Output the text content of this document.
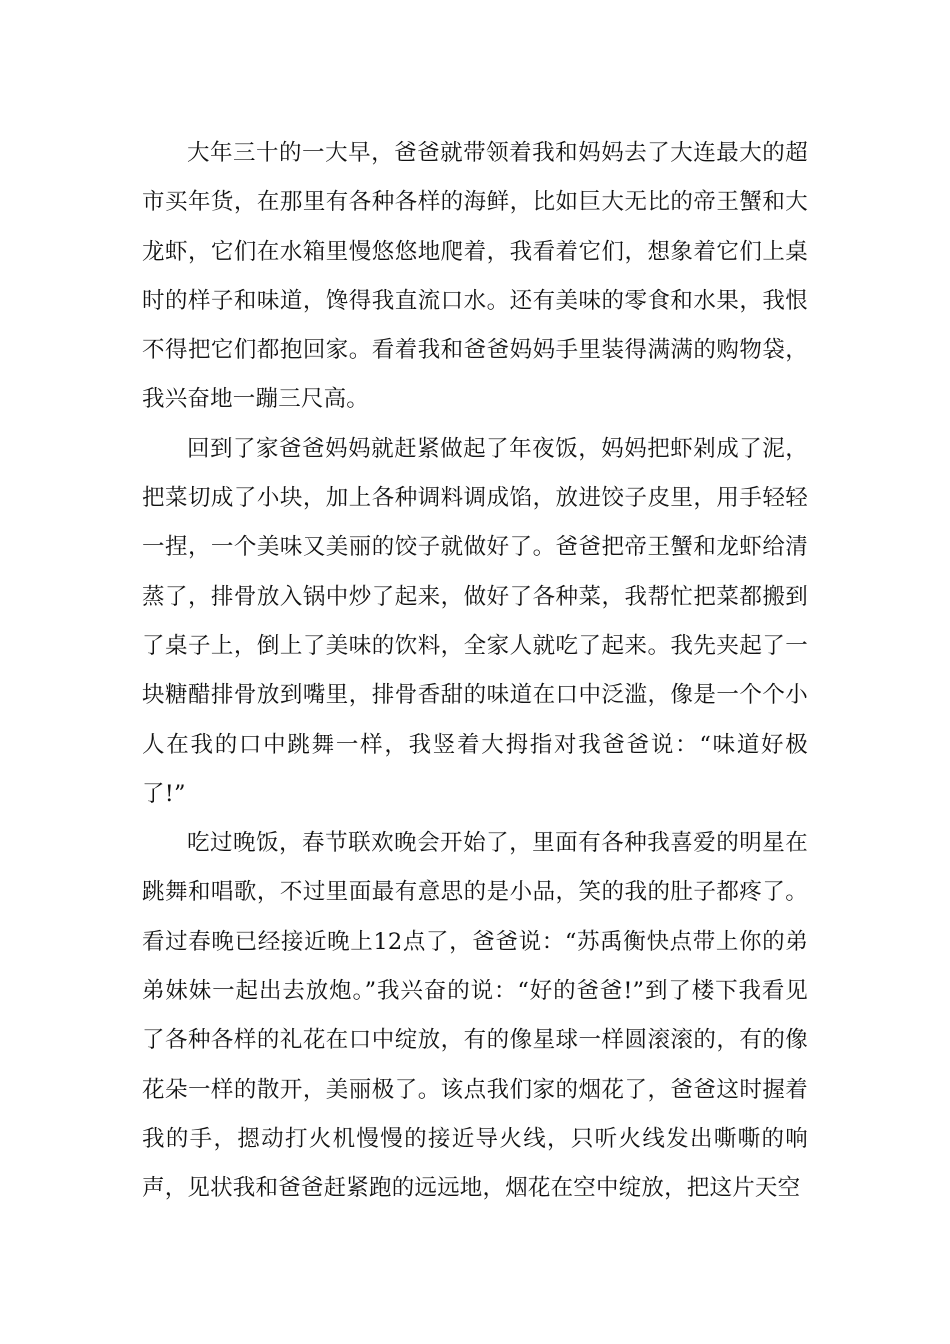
大年三十的一大早，爸爸就带领着我和妈妈去了大连最大的超市买年货，在那里有各种各样的海鲜，比如巨大无比的帝王蟹和大龙虾，它们在水箱里慢悠悠地爬着，我看着它们，想象着它们上桌时的样子和味道，馋得我直流口水。还有美味的零食和水果，我恨不得把它们都抱回家。看着我和爸爸妈妈手里装得满满的购物袋，我兴奋地一蹦三尺高。

回到了家爸爸妈妈就赶紧做起了年夜饭，妈妈把虾剁成了泥，把菜切成了小块，加上各种调料调成馅，放进饺子皮里，用手轻轻一捏，一个美味又美丽的饺子就做好了。爸爸把帝王蟹和龙虾给清蒸了，排骨放入锅中炒了起来，做好了各种菜，我帮忙把菜都搬到了桌子上，倒上了美味的饮料，全家人就吃了起来。我先夹起了一块糖醋排骨放到嘴里，排骨香甜的味道在口中泛滥，像是一个个小人在我的口中跳舞一样，我竖着大拇指对我爸爸说：“味道好极了!”

吃过晚饭，春节联欢晚会开始了，里面有各种我喜爱的明星在跳舞和唱歌，不过里面最有意思的是小品，笑的我的肚子都疼了。看过春晚已经接近晚上12点了，爸爸说：“苏禹衡快点带上你的弟弟妹妹一起出去放炮。”我兴奋的说：“好的爸爸!”到了楼下我看见了各种各样的礼花在口中绽放，有的像星球一样圆滚滚的，有的像花朵一样的散开，美丽极了。该点我们家的烟花了，爸爸这时握着我的手，摁动打火机慢慢的接近导火线，只听火线发出嘶嘶的响声，见状我和爸爸赶紧跑的远远地，烟花在空中绽放，把这片天空
